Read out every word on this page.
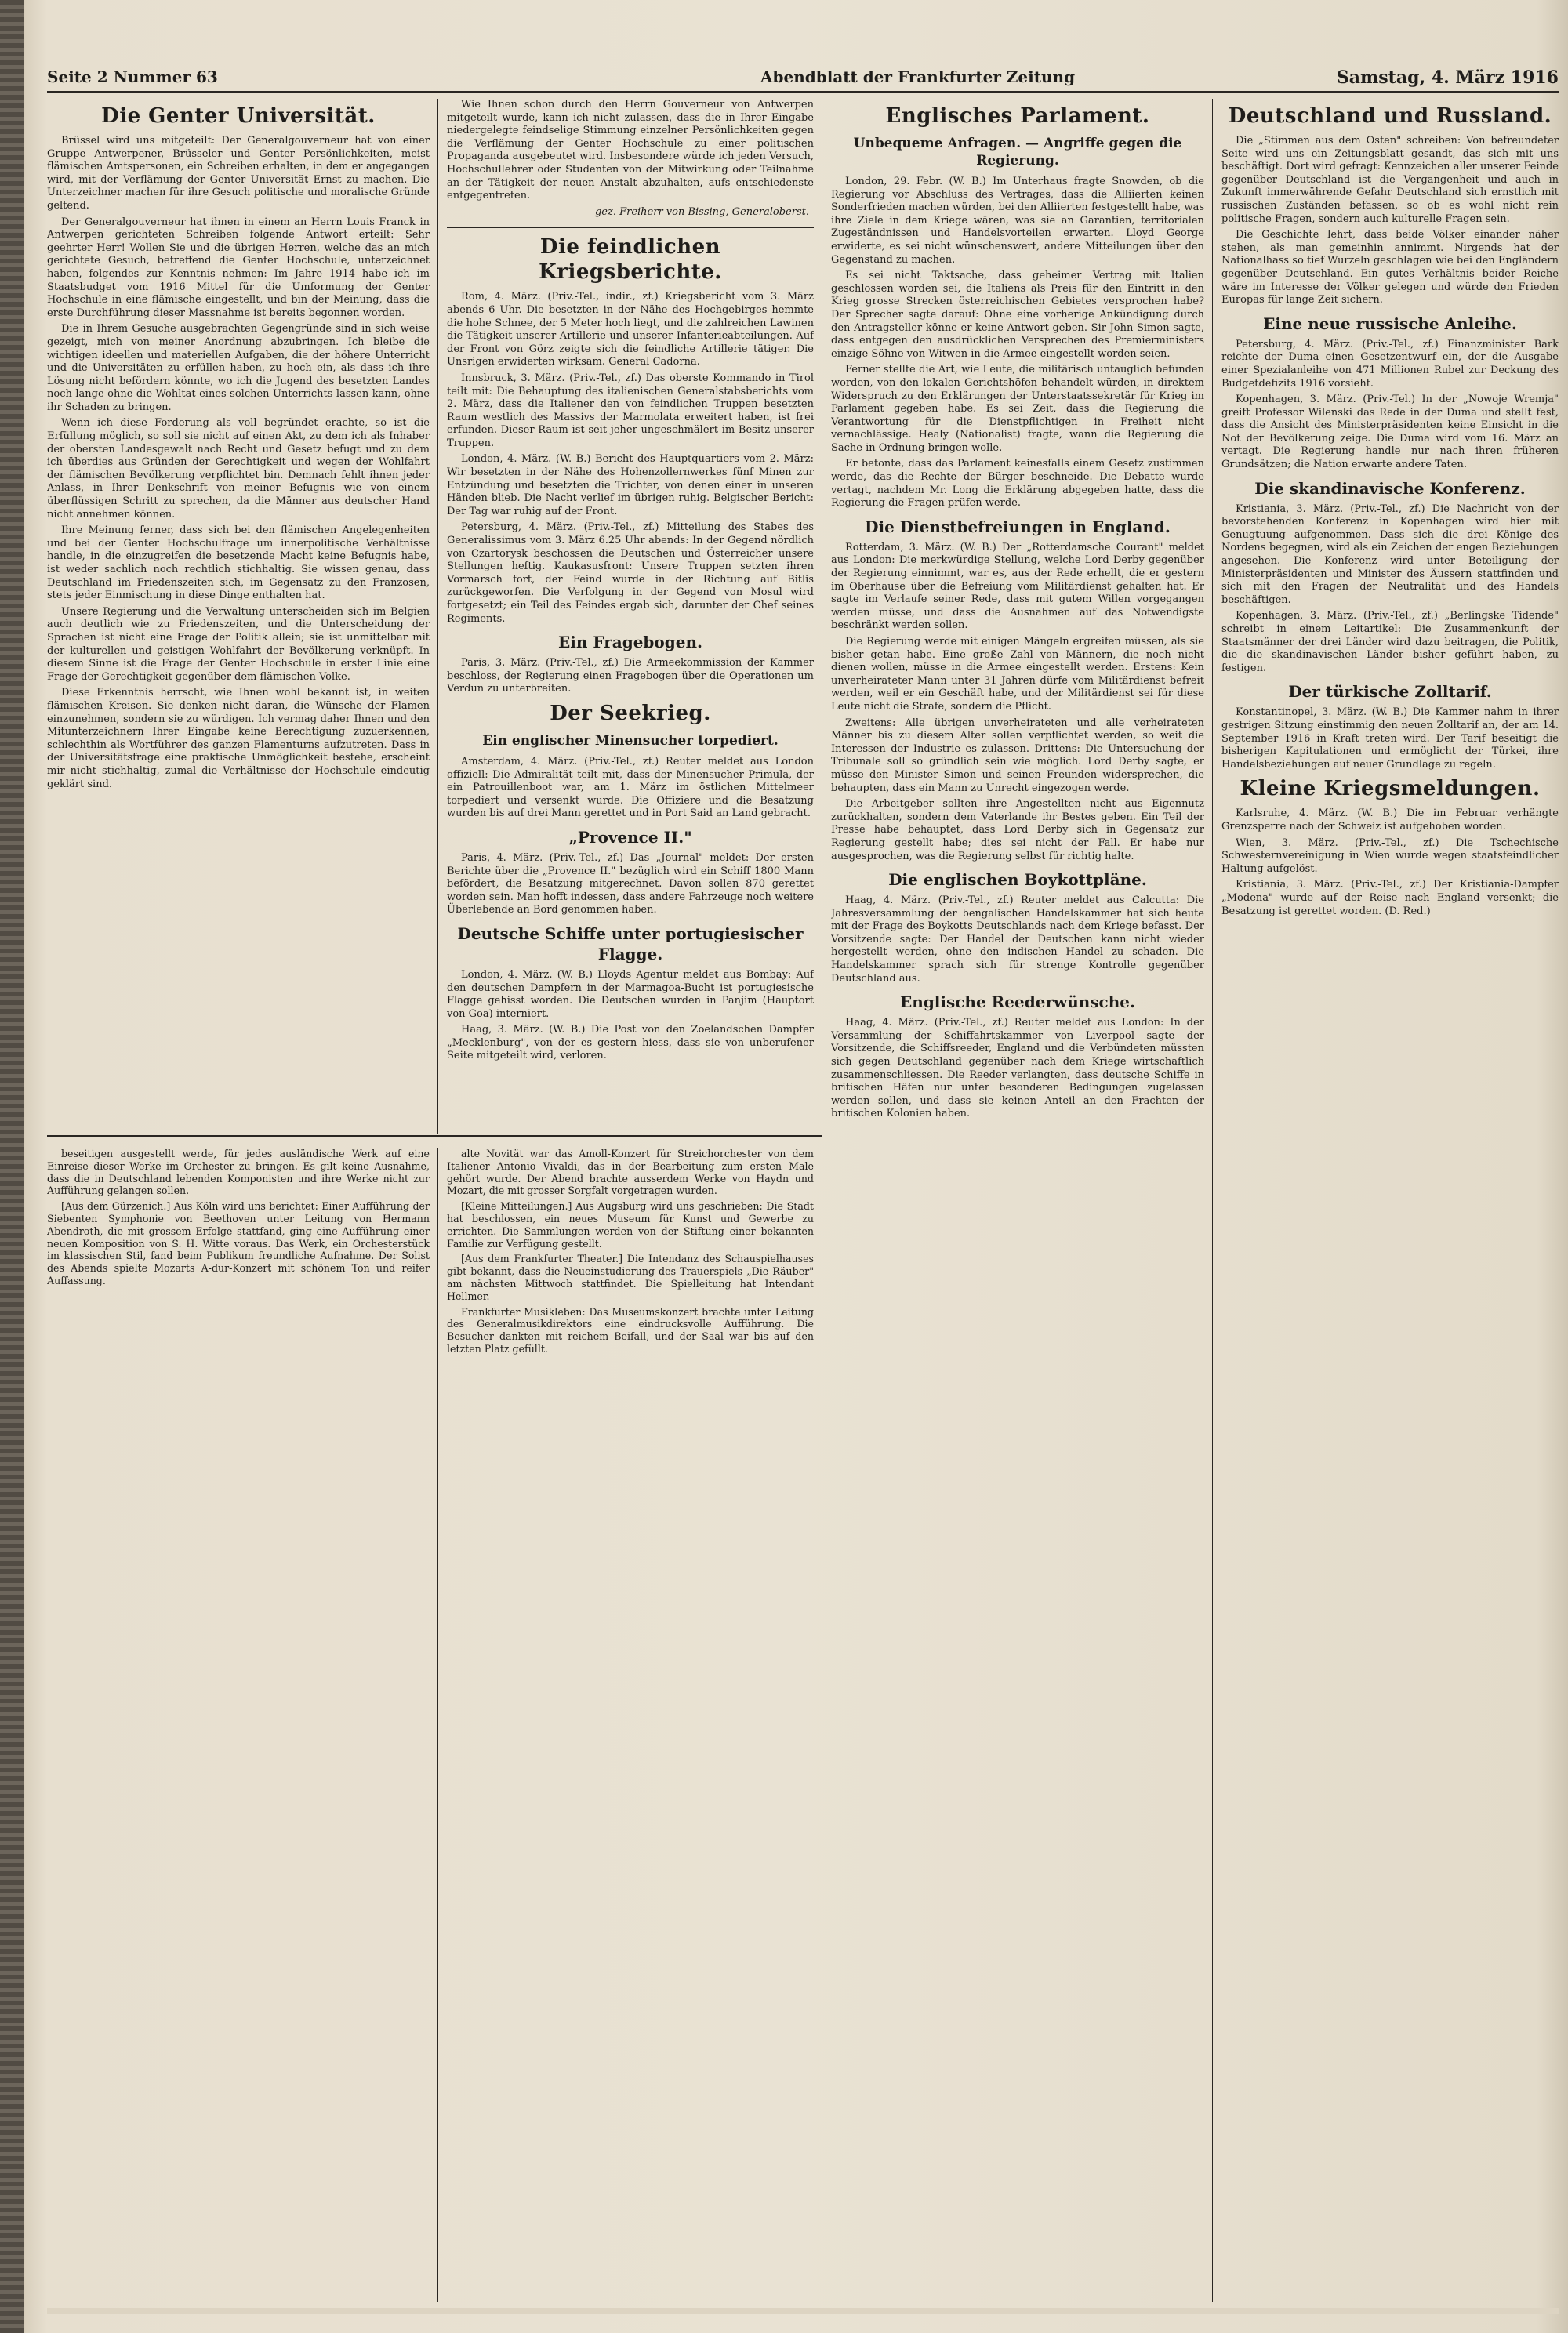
Seite 2 Nummer 63	Abendblatt der Frankfurter Zeitung	Samstag, 4. März 1916
Die Genter Universität.

Brüssel wird uns mitgeteilt: Der Generalgouverneur hat von einer Gruppe Antwerpener, Brüsseler und Genter Persönlichkeiten, meist flämischen Amtspersonen, ein Schreiben erhalten, in dem er angegangen wird, mit der Verflämung der Genter Universität Ernst zu machen. Die Unterzeichner machen für ihre Gesuch politische und moralische Gründe geltend.

Der Generalgouverneur hat ihnen in einem an Herrn Louis Franck in Antwerpen gerichteten Schreiben folgende Antwort erteilt: Sehr geehrter Herr! Wollen Sie und die übrigen Herren, welche das an mich gerichtete Gesuch, betreffend die Genter Hochschule, unterzeichnet haben, folgendes zur Kenntnis nehmen: Im Jahre 1914 habe ich im Staatsbudget vom 1916 Mittel für die Umformung der Genter Hochschule in eine flämische eingestellt, und bin der Meinung, dass die erste Durchführung dieser Massnahme ist bereits begonnen worden.

Die in Ihrem Gesuche ausgebrachten Gegengründe sind in sich weise gezeigt, mich von meiner Anordnung abzubringen. Ich bleibe die wichtigen ideellen und materiellen Aufgaben, die der höhere Unterricht und die Universitäten zu erfüllen haben, zu hoch ein, als dass ich ihre Lösung nicht befördern könnte, wo ich die Jugend des besetzten Landes noch lange ohne die Wohltat eines solchen Unterrichts lassen kann, ohne ihr Schaden zu bringen.

Wenn ich diese Forderung als voll begründet erachte, so ist die Erfüllung möglich, so soll sie nicht auf einen Akt, zu dem ich als Inhaber der obersten Landesgewalt nach Recht und Gesetz befugt und zu dem ich überdies aus Gründen der Gerechtigkeit und wegen der Wohlfahrt der flämischen Bevölkerung verpflichtet bin. Demnach fehlt ihnen jeder Anlass, in Ihrer Denkschrift von meiner Befugnis wie von einem überflüssigen Schritt zu sprechen, da die Männer aus deutscher Hand nicht annehmen können.

Ihre Meinung ferner, dass sich bei den flämischen Angelegenheiten und bei der Genter Hochschulfrage um innerpolitische Verhältnisse handle, in die einzugreifen die besetzende Macht keine Befugnis habe, ist weder sachlich noch rechtlich stichhaltig. Sie wissen genau, dass Deutschland im Friedenszeiten sich, im Gegensatz zu den Franzosen, stets jeder Einmischung in diese Dinge enthalten hat.

Unsere Regierung und die Verwaltung unterscheiden sich im Belgien auch deutlich wie zu Friedenszeiten, und die Unterscheidung der Sprachen ist nicht eine Frage der Politik allein; sie ist unmittelbar mit der kulturellen und geistigen Wohlfahrt der Bevölkerung verknüpft. In diesem Sinne ist die Frage der Genter Hochschule in erster Linie eine Frage der Gerechtigkeit gegenüber dem flämischen Volke.

Diese Erkenntnis herrscht, wie Ihnen wohl bekannt ist, in weiten flämischen Kreisen. Sie denken nicht daran, die Wünsche der Flamen einzunehmen, sondern sie zu würdigen. Ich vermag daher Ihnen und den Mitunterzeichnern Ihrer Eingabe keine Berechtigung zuzuerkennen, schlechthin als Wortführer des ganzen Flamenturns aufzutreten. Dass in der Universitätsfrage eine praktische Unmöglichkeit bestehe, erscheint mir nicht stichhaltig, zumal die Verhältnisse der Hochschule eindeutig geklärt sind.

Wie Ihnen schon durch den Herrn Gouverneur von Antwerpen mitgeteilt wurde, kann ich nicht zulassen, dass die in Ihrer Eingabe niedergelegte feindselige Stimmung einzelner Persönlichkeiten gegen die Verflämung der Genter Hochschule zu einer politischen Propaganda ausgebeutet wird. Insbesondere würde ich jeden Versuch, Hochschullehrer oder Studenten von der Mitwirkung oder Teilnahme an der Tätigkeit der neuen Anstalt abzuhalten, aufs entschiedenste entgegentreten.

gez. Freiherr von Bissing, Generaloberst.
Die feindlichen Kriegsberichte.

Rom, 4. März. (Priv.-Tel., indir., zf.) Kriegsbericht vom 3. März abends 6 Uhr. Die besetzten in der Nähe des Hochgebirges hemmte die hohe Schnee, der 5 Meter hoch liegt, und die zahlreichen Lawinen die Tätigkeit unserer Artillerie und unserer Infanterieabteilungen. Auf der Front von Görz zeigte sich die feindliche Artillerie tätiger. Die Unsrigen erwiderten wirksam. General Cadorna.

Innsbruck, 3. März. (Priv.-Tel., zf.) Das oberste Kommando in Tirol teilt mit: Die Behauptung des italienischen Generalstabsberichts vom 2. März, dass die Italiener den von feindlichen Truppen besetzten Raum westlich des Massivs der Marmolata erweitert haben, ist frei erfunden. Dieser Raum ist seit jeher ungeschmälert im Besitz unserer Truppen.

London, 4. März. (W. B.) Bericht des Hauptquartiers vom 2. März: Wir besetzten in der Nähe des Hohenzollernwerkes fünf Minen zur Entzündung und besetzten die Trichter, von denen einer in unseren Händen blieb. Die Nacht verlief im übrigen ruhig. Belgischer Bericht: Der Tag war ruhig auf der Front.

Petersburg, 4. März. (Priv.-Tel., zf.) Mitteilung des Stabes des Generalissimus vom 3. März 6.25 Uhr abends: In der Gegend nördlich von Czartorysk beschossen die Deutschen und Österreicher unsere Stellungen heftig. Kaukasusfront: Unsere Truppen setzten ihren Vormarsch fort, der Feind wurde in der Richtung auf Bitlis zurückgeworfen. Die Verfolgung in der Gegend von Mosul wird fortgesetzt; ein Teil des Feindes ergab sich, darunter der Chef seines Regiments.

Ein Fragebogen.

Paris, 3. März. (Priv.-Tel., zf.) Die Armeekommission der Kammer beschloss, der Regierung einen Fragebogen über die Operationen um Verdun zu unterbreiten.

Der Seekrieg.
Ein englischer Minensucher torpediert.

Amsterdam, 4. März. (Priv.-Tel., zf.) Reuter meldet aus London offiziell: Die Admiralität teilt mit, dass der Minensucher Primula, der ein Patrouillenboot war, am 1. März im östlichen Mittelmeer torpediert und versenkt wurde. Die Offiziere und die Besatzung wurden bis auf drei Mann gerettet und in Port Said an Land gebracht.

„Provence II."

Paris, 4. März. (Priv.-Tel., zf.) Das „Journal" meldet: Der ersten Berichte über die „Provence II." bezüglich wird ein Schiff 1800 Mann befördert, die Besatzung mitgerechnet. Davon sollen 870 gerettet worden sein. Man hofft indessen, dass andere Fahrzeuge noch weitere Überlebende an Bord genommen haben.

Deutsche Schiffe unter portugiesischer Flagge.

London, 4. März. (W. B.) Lloyds Agentur meldet aus Bombay: Auf den deutschen Dampfern in der Marmagoa-Bucht ist portugiesische Flagge gehisst worden. Die Deutschen wurden in Panjim (Hauptort von Goa) interniert.

Haag, 3. März. (W. B.) Die Post von den Zoelandschen Dampfer „Mecklenburg", von der es gestern hiess, dass sie von unberufener Seite mitgeteilt wird, verloren.

Englisches Parlament.
Unbequeme Anfragen. — Angriffe gegen die Regierung.

London, 29. Febr. (W. B.) Im Unterhaus fragte Snowden, ob die Regierung vor Abschluss des Vertrages, dass die Alliierten keinen Sonderfrieden machen würden, bei den Alliierten festgestellt habe, was ihre Ziele in dem Kriege wären, was sie an Garantien, territorialen Zugeständnissen und Handelsvorteilen erwarten. Lloyd George erwiderte, es sei nicht wünschenswert, andere Mitteilungen über den Gegenstand zu machen.

Es sei nicht Taktsache, dass geheimer Vertrag mit Italien geschlossen worden sei, die Italiens als Preis für den Eintritt in den Krieg grosse Strecken österreichischen Gebietes versprochen habe? Der Sprecher sagte darauf: Ohne eine vorherige Ankündigung durch den Antragsteller könne er keine Antwort geben. Sir John Simon sagte, dass entgegen den ausdrücklichen Versprechen des Premierministers einzige Söhne von Witwen in die Armee eingestellt worden seien.

Ferner stellte die Art, wie Leute, die militärisch untauglich befunden worden, von den lokalen Gerichtshöfen behandelt würden, in direktem Widerspruch zu den Erklärungen der Unterstaatssekretär für Krieg im Parlament gegeben habe. Es sei Zeit, dass die Regierung die Verantwortung für die Dienstpflichtigen in Freiheit nicht vernachlässige. Healy (Nationalist) fragte, wann die Regierung die Sache in Ordnung bringen wolle.

Er betonte, dass das Parlament keinesfalls einem Gesetz zustimmen werde, das die Rechte der Bürger beschneide. Die Debatte wurde vertagt, nachdem Mr. Long die Erklärung abgegeben hatte, dass die Regierung die Fragen prüfen werde.

Die Dienstbefreiungen in England.

Rotterdam, 3. März. (W. B.) Der „Rotterdamsche Courant" meldet aus London: Die merkwürdige Stellung, welche Lord Derby gegenüber der Regierung einnimmt, war es, aus der Rede erhellt, die er gestern im Oberhause über die Befreiung vom Militärdienst gehalten hat. Er sagte im Verlaufe seiner Rede, dass mit gutem Willen vorgegangen werden müsse, und dass die Ausnahmen auf das Notwendigste beschränkt werden sollen.

Die Regierung werde mit einigen Mängeln ergreifen müssen, als sie bisher getan habe. Eine große Zahl von Männern, die noch nicht dienen wollen, müsse in die Armee eingestellt werden. Erstens: Kein unverheirateter Mann unter 31 Jahren dürfe vom Militärdienst befreit werden, weil er ein Geschäft habe, und der Militärdienst sei für diese Leute nicht die Strafe, sondern die Pflicht.

Zweitens: Alle übrigen unverheirateten und alle verheirateten Männer bis zu diesem Alter sollen verpflichtet werden, so weit die Interessen der Industrie es zulassen. Drittens: Die Untersuchung der Tribunale soll so gründlich sein wie möglich. Lord Derby sagte, er müsse den Minister Simon und seinen Freunden widersprechen, die behaupten, dass ein Mann zu Unrecht eingezogen werde.

Die Arbeitgeber sollten ihre Angestellten nicht aus Eigennutz zurückhalten, sondern dem Vaterlande ihr Bestes geben. Ein Teil der Presse habe behauptet, dass Lord Derby sich in Gegensatz zur Regierung gestellt habe; dies sei nicht der Fall. Er habe nur ausgesprochen, was die Regierung selbst für richtig halte.

Die englischen Boykottpläne.

Haag, 4. März. (Priv.-Tel., zf.) Reuter meldet aus Calcutta: Die Jahresversammlung der bengalischen Handelskammer hat sich heute mit der Frage des Boykotts Deutschlands nach dem Kriege befasst. Der Vorsitzende sagte: Der Handel der Deutschen kann nicht wieder hergestellt werden, ohne den indischen Handel zu schaden. Die Handelskammer sprach sich für strenge Kontrolle gegenüber Deutschland aus.

Englische Reederwünsche.

Haag, 4. März. (Priv.-Tel., zf.) Reuter meldet aus London: In der Versammlung der Schiffahrtskammer von Liverpool sagte der Vorsitzende, die Schiffsreeder, England und die Verbündeten müssten sich gegen Deutschland gegenüber nach dem Kriege wirtschaftlich zusammenschliessen. Die Reeder verlangten, dass deutsche Schiffe in britischen Häfen nur unter besonderen Bedingungen zugelassen werden sollen, und dass sie keinen Anteil an den Frachten der britischen Kolonien haben.

Deutschland und Russland.

Die „Stimmen aus dem Osten" schreiben: Von befreundeter Seite wird uns ein Zeitungsblatt gesandt, das sich mit uns beschäftigt. Dort wird gefragt: Kennzeichen aller unserer Feinde gegenüber Deutschland ist die Vergangenheit und auch in Zukunft immerwährende Gefahr Deutschland sich ernstlich mit russischen Zuständen befassen, so ob es wohl nicht rein politische Fragen, sondern auch kulturelle Fragen sein.

Die Geschichte lehrt, dass beide Völker einander näher stehen, als man gemeinhin annimmt. Nirgends hat der Nationalhass so tief Wurzeln geschlagen wie bei den Engländern gegenüber Deutschland. Ein gutes Verhältnis beider Reiche wäre im Interesse der Völker gelegen und würde den Frieden Europas für lange Zeit sichern.

Eine neue russische Anleihe.

Petersburg, 4. März. (Priv.-Tel., zf.) Finanzminister Bark reichte der Duma einen Gesetzentwurf ein, der die Ausgabe einer Spezialanleihe von 471 Millionen Rubel zur Deckung des Budgetdefizits 1916 vorsieht.

Kopenhagen, 3. März. (Priv.-Tel.) In der „Nowoje Wremja" greift Professor Wilenski das Rede in der Duma und stellt fest, dass die Ansicht des Ministerpräsidenten keine Einsicht in die Not der Bevölkerung zeige. Die Duma wird vom 16. März an vertagt. Die Regierung handle nur nach ihren früheren Grundsätzen; die Nation erwarte andere Taten.

Die skandinavische Konferenz.

Kristiania, 3. März. (Priv.-Tel., zf.) Die Nachricht von der bevorstehenden Konferenz in Kopenhagen wird hier mit Genugtuung aufgenommen. Dass sich die drei Könige des Nordens begegnen, wird als ein Zeichen der engen Beziehungen angesehen. Die Konferenz wird unter Beteiligung der Ministerpräsidenten und Minister des Äussern stattfinden und sich mit den Fragen der Neutralität und des Handels beschäftigen.

Kopenhagen, 3. März. (Priv.-Tel., zf.) „Berlingske Tidende" schreibt in einem Leitartikel: Die Zusammenkunft der Staatsmänner der drei Länder wird dazu beitragen, die Politik, die die skandinavischen Länder bisher geführt haben, zu festigen.

Der türkische Zolltarif.

Konstantinopel, 3. März. (W. B.) Die Kammer nahm in ihrer gestrigen Sitzung einstimmig den neuen Zolltarif an, der am 14. September 1916 in Kraft treten wird. Der Tarif beseitigt die bisherigen Kapitulationen und ermöglicht der Türkei, ihre Handelsbeziehungen auf neuer Grundlage zu regeln.

Kleine Kriegsmeldungen.

Karlsruhe, 4. März. (W. B.) Die im Februar verhängte Grenzsperre nach der Schweiz ist aufgehoben worden.

Wien, 3. März. (Priv.-Tel., zf.) Die Tschechische Schwesternvereinigung in Wien wurde wegen staatsfeindlicher Haltung aufgelöst.

Kristiania, 3. März. (Priv.-Tel., zf.) Der Kristiania-Dampfer „Modena" wurde auf der Reise nach England versenkt; die Besatzung ist gerettet worden. (D. Red.)

beseitigen ausgestellt werde, für jedes ausländische Werk auf eine Einreise dieser Werke im Orchester zu bringen. Es gilt keine Ausnahme, dass die in Deutschland lebenden Komponisten und ihre Werke nicht zur Aufführung gelangen sollen.

[Aus dem Gürzenich.] Aus Köln wird uns berichtet: Einer Aufführung der Siebenten Symphonie von Beethoven unter Leitung von Hermann Abendroth, die mit grossem Erfolge stattfand, ging eine Aufführung einer neuen Komposition von S. H. Witte voraus. Das Werk, ein Orchesterstück im klassischen Stil, fand beim Publikum freundliche Aufnahme. Der Solist des Abends spielte Mozarts A-dur-Konzert mit schönem Ton und reifer Auffassung.

alte Novität war das Amoll-Konzert für Streichorchester von dem Italiener Antonio Vivaldi, das in der Bearbeitung zum ersten Male gehört wurde. Der Abend brachte ausserdem Werke von Haydn und Mozart, die mit grosser Sorgfalt vorgetragen wurden.

[Kleine Mitteilungen.] Aus Augsburg wird uns geschrieben: Die Stadt hat beschlossen, ein neues Museum für Kunst und Gewerbe zu errichten. Die Sammlungen werden von der Stiftung einer bekannten Familie zur Verfügung gestellt.

[Aus dem Frankfurter Theater.] Die Intendanz des Schauspielhauses gibt bekannt, dass die Neueinstudierung des Trauerspiels „Die Räuber" am nächsten Mittwoch stattfindet. Die Spielleitung hat Intendant Hellmer.

Frankfurter Musikleben: Das Museumskonzert brachte unter Leitung des Generalmusikdirektors eine eindrucksvolle Aufführung. Die Besucher dankten mit reichem Beifall, und der Saal war bis auf den letzten Platz gefüllt.
